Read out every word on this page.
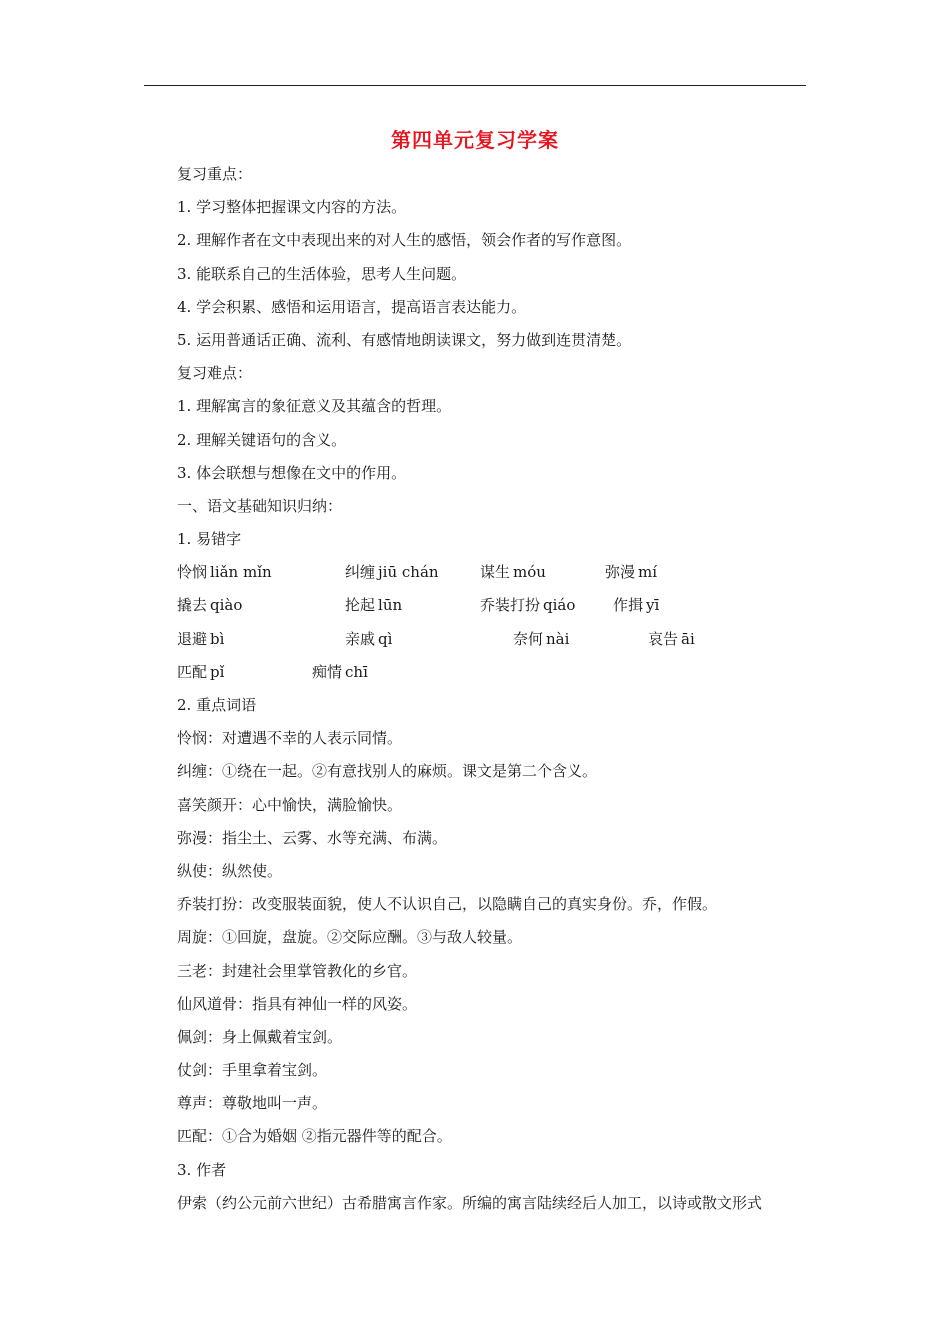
第四单元复习学案
复习重点：
1. 学习整体把握课文内容的方法。
2. 理解作者在文中表现出来的对人生的感悟，领会作者的写作意图。
3. 能联系自己的生活体验，思考人生问题。
4. 学会积累、感悟和运用语言，提高语言表达能力。
5. 运用普通话正确、流利、有感情地朗读课文，努力做到连贯清楚。
复习难点：
1. 理解寓言的象征意义及其蕴含的哲理。
2. 理解关键语句的含义。
3. 体会联想与想像在文中的作用。
一、语文基础知识归纳：
1. 易错字
怜悯 liǎn mǐn	纠缠 jiū chán	谋生 móu	弥漫 mí
撬去 qiào	抡起 lūn	乔装打扮 qiáo	作揖 yī
退避 bì	亲戚 qì	奈何 nài	哀告 āi
匹配 pǐ	痴情 chī
2. 重点词语
怜悯：对遭遇不幸的人表示同情。
纠缠：①绕在一起。②有意找别人的麻烦。课文是第二个含义。
喜笑颜开：心中愉快，满脸愉快。
弥漫：指尘土、云雾、水等充满、布满。
纵使：纵然使。
乔装打扮：改变服装面貌，使人不认识自己，以隐瞒自己的真实身份。乔，作假。
周旋：①回旋，盘旋。②交际应酬。③与敌人较量。
三老：封建社会里掌管教化的乡官。
仙风道骨：指具有神仙一样的风姿。
佩剑：身上佩戴着宝剑。
仗剑：手里拿着宝剑。
尊声：尊敬地叫一声。
匹配：①合为婚姻 ②指元器件等的配合。
3. 作者
伊索（约公元前六世纪）古希腊寓言作家。所编的寓言陆续经后人加工，以诗或散文形式
